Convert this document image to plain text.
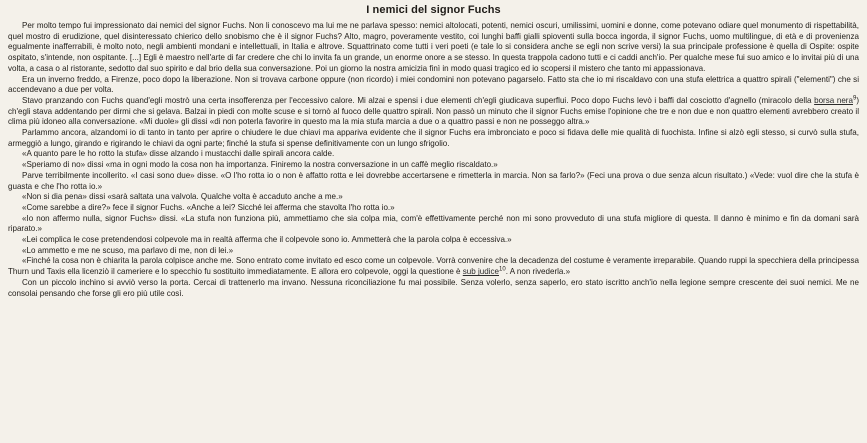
I nemici del signor Fuchs

Per molto tempo fui impressionato dai nemici del signor Fuchs. Non li conoscevo ma lui me ne parlava spesso: nemici altolocati, potenti, nemici oscuri, umilissimi, uomini e donne, come potevano odiare quel monumento di rispettabilità, quel mostro di erudizione, quel disinteressato chierico dello snobismo che è il signor Fuchs? Alto, magro, poveramente vestito, coi lunghi baffi gialli spioventi sulla bocca ingorda, il signor Fuchs, uomo multilingue, di età e di provenienza egualmente inafferrabili, è molto noto, negli ambienti mondani e intellettuali, in Italia e altrove. Squattrinato come tutti i veri poeti (e tale lo si considera anche se egli non scrive versi) la sua principale professione è quella di Ospite: ospite ospitato, s'intende, non ospitante. [...] Egli è maestro nell'arte di far credere che chi lo invita fa un grande, un enorme onore a se stesso. In questa trappola cadono tutti e ci caddi anch'io. Per qualche mese fui suo amico e lo invitai più di una volta, a casa o al ristorante, sedotto dal suo spirito e dal brio della sua conversazione. Poi un giorno la nostra amicizia finì in modo quasi tragico ed io scopersi il mistero che tanto mi appassionava.

Era un inverno freddo, a Firenze, poco dopo la liberazione. Non si trovava carbone oppure (non ricordo) i miei condomini non potevano pagarselo. Fatto sta che io mi riscaldavo con una stufa elettrica a quattro spirali ("elementi") che si accendevano a due per volta.

Stavo pranzando con Fuchs quand'egli mostrò una certa insofferenza per l'eccessivo calore. Mi alzai e spensi i due elementi ch'egli giudicava superflui. Poco dopo Fuchs levò i baffi dal cosciotto d'agnello (miracolo della borsa nera$^9$) ch'egli stava addentando per dirmi che si gelava. Balzai in piedi con molte scuse e si tornò al fuoco delle quattro spirali. Non passò un minuto che il signor Fuchs emise l'opinione che tre e non due e non quattro elementi avrebbero creato il clima più idoneo alla conversazione. «Mi duole» gli dissi «di non poterla favorire in questo ma la mia stufa marcia a due o a quattro passi e non ne posseggo altra.»

Parlammo ancora, alzandomi io di tanto in tanto per aprire o chiudere le due chiavi ma appariva evidente che il signor Fuchs era imbronciato e poco si fidava delle mie qualità di fuochista. Infine si alzò egli stesso, si curvò sulla stufa, armeggiò a lungo, girando e rigirando le chiavi da ogni parte; finché la stufa si spense definitivamente con un lungo sfrigolio.

«A quanto pare le ho rotto la stufa» disse alzando i mustacchi dalle spirali ancora calde.

«Speriamo di no» dissi «ma in ogni modo la cosa non ha importanza. Finiremo la nostra conversazione in un caffè meglio riscaldato.»

Parve terribilmente incollerito. «I casi sono due» disse. «O l'ho rotta io o non è affatto rotta e lei dovrebbe accertarsene e rimetterla in marcia. Non sa farlo?» (Feci una prova o due senza alcun risultato.) «Vede: vuol dire che la stufa è guasta e che l'ho rotta io.»

«Non si dia pena» dissi «sarà saltata una valvola. Qualche volta è accaduto anche a me.»

«Come sarebbe a dire?» fece il signor Fuchs. «Anche a lei? Sicché lei afferma che stavolta l'ho rotta io.»

«Io non affermo nulla, signor Fuchs» dissi. «La stufa non funziona più, ammettiamo che sia colpa mia, com'è effettivamente perché non mi sono provveduto di una stufa migliore di questa. Il danno è minimo e fin da domani sarà riparato.»

«Lei complica le cose pretendendosi colpevole ma in realtà afferma che il colpevole sono io. Ammetterà che la parola colpa è eccessiva.»

«Lo ammetto e me ne scuso, ma parlavo di me, non di lei.»

«Finché la cosa non è chiarita la parola colpisce anche me. Sono entrato come invitato ed esco come un colpevole. Vorrà convenire che la decadenza del costume è veramente irreparabile. Quando ruppi la specchiera della principessa Thurn und Taxis ella licenziò il cameriere e lo specchio fu sostituito immediatamente. E allora ero colpevole, oggi la questione è sub judice$^{10}$. A non rivederla.»

Con un piccolo inchino si avviò verso la porta. Cercai di trattenerlo ma invano. Nessuna riconciliazione fu mai possibile. Senza volerlo, senza saperlo, ero stato iscritto anch'io nella legione sempre crescente dei suoi nemici. Me ne consolai pensando che forse gli ero più utile così.
